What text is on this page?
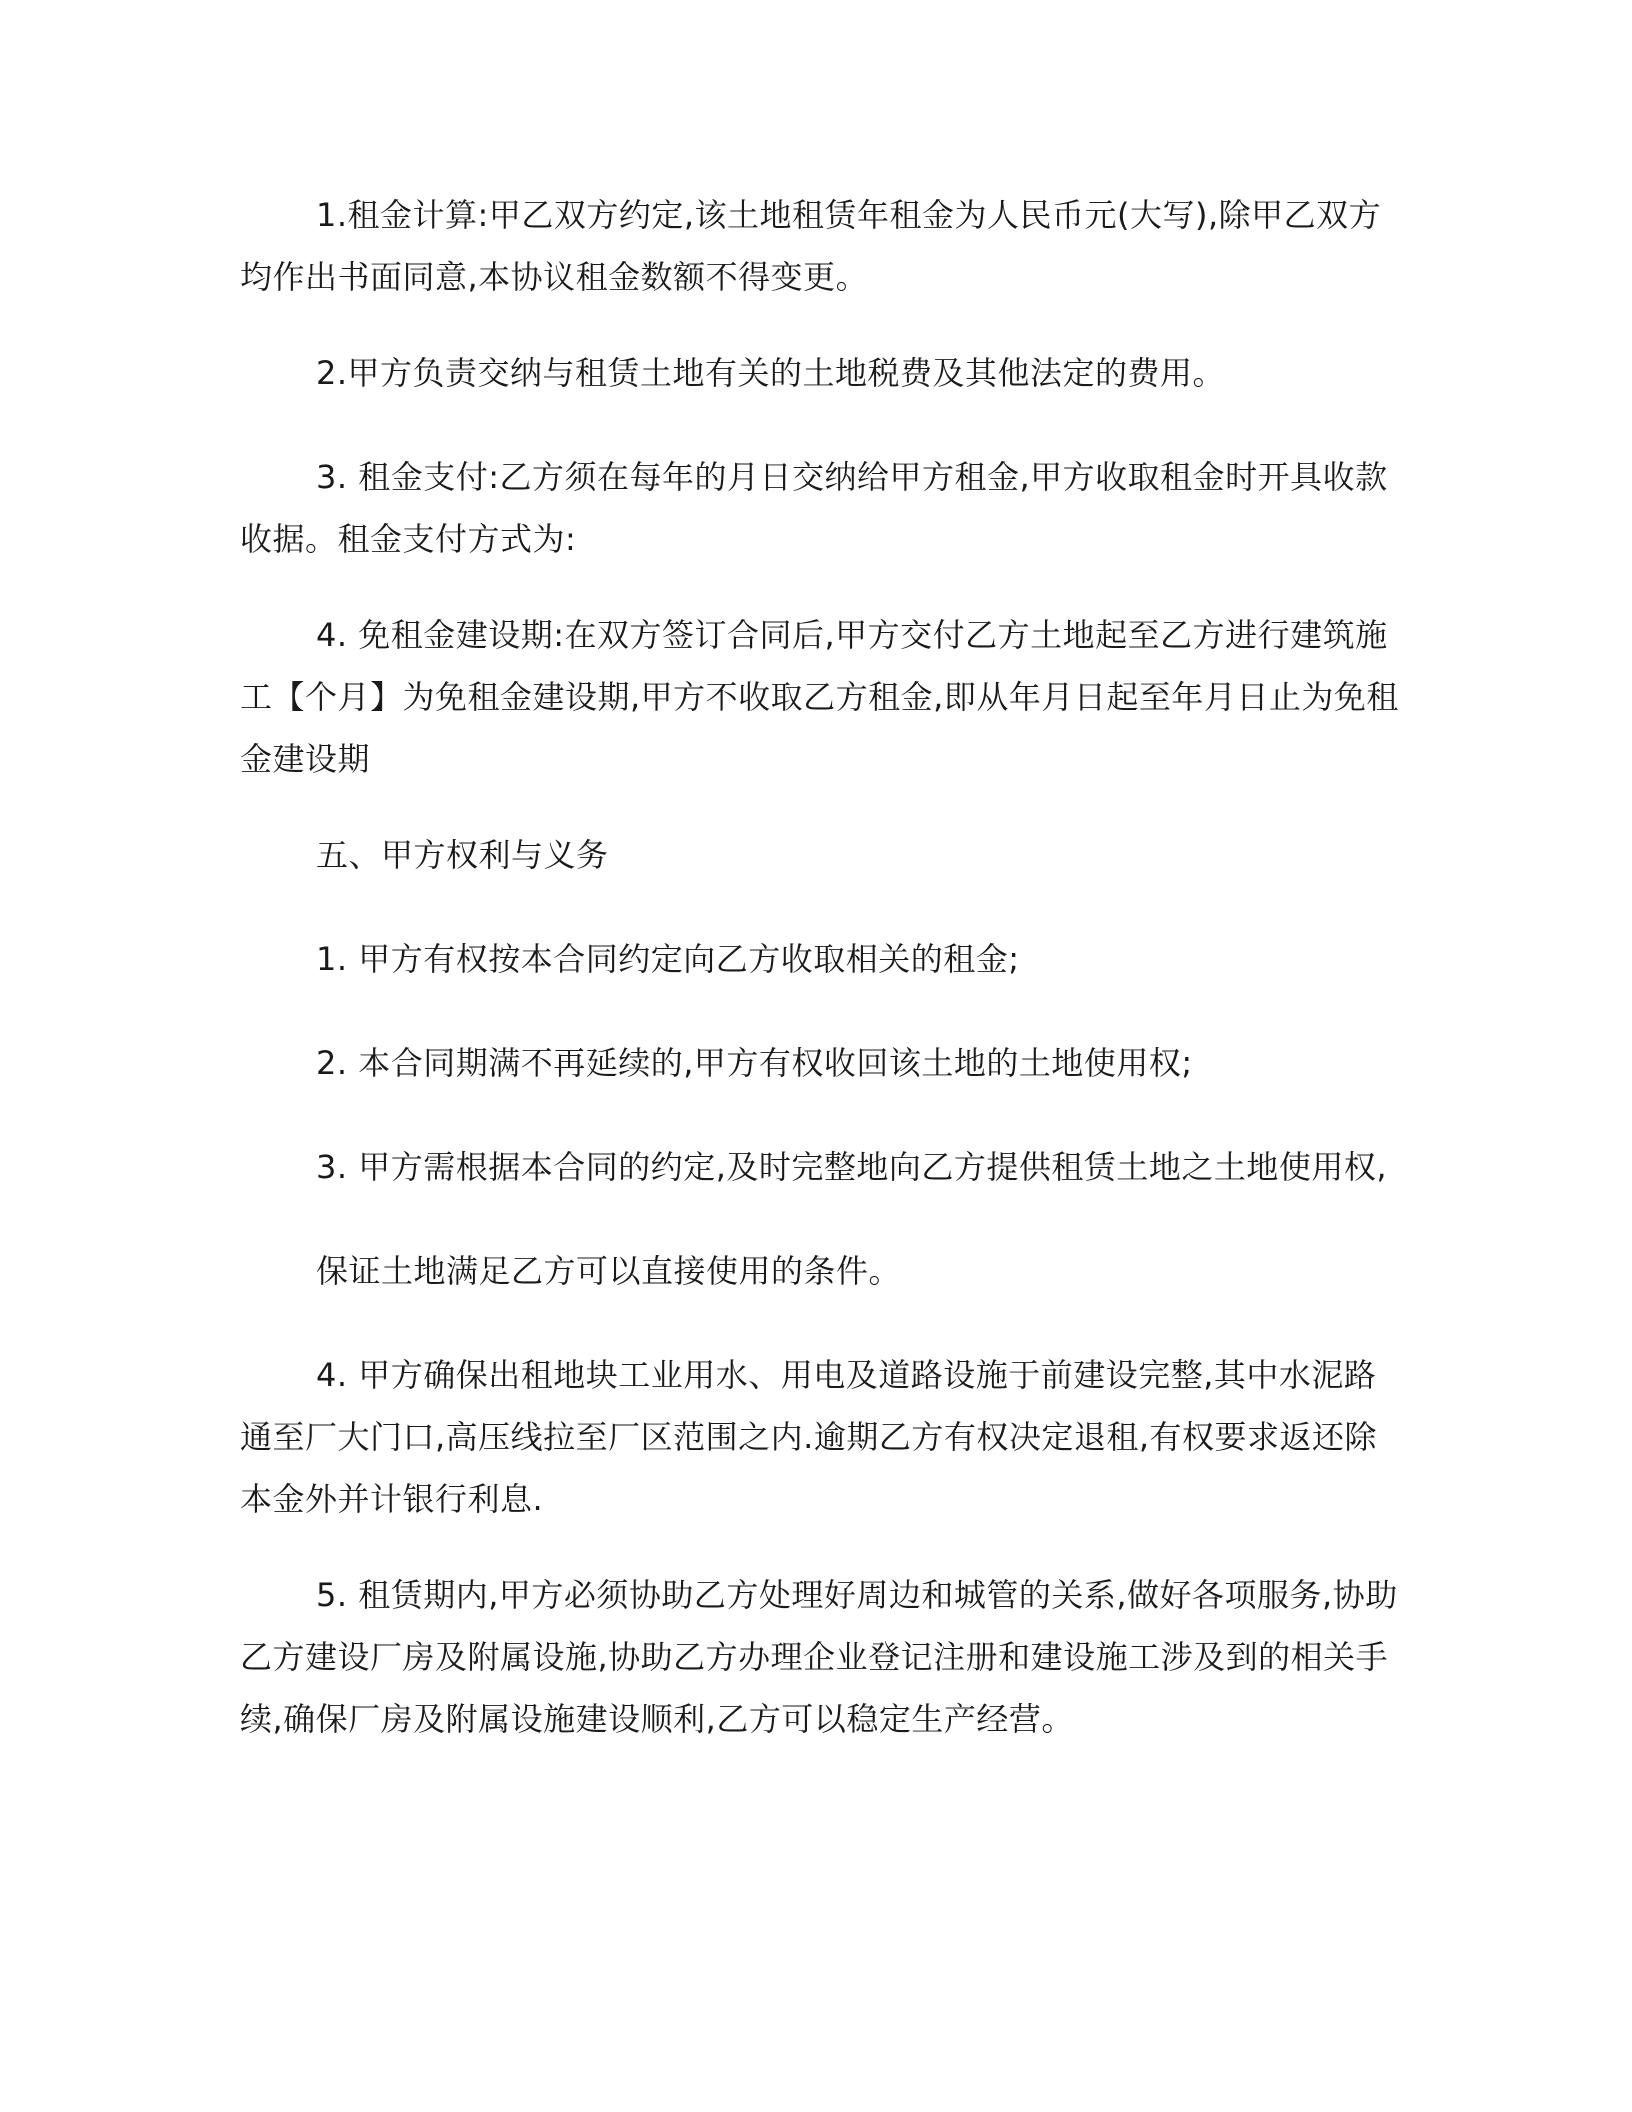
1.租金计算:甲乙双方约定,该土地租赁年租金为人民币元(大写),除甲乙双方均作出书面同意,本协议租金数额不得变更。

2.甲方负责交纳与租赁土地有关的土地税费及其他法定的费用。

3. 租金支付:乙方须在每年的月日交纳给甲方租金,甲方收取租金时开具收款收据。租金支付方式为:

4. 免租金建设期:在双方签订合同后,甲方交付乙方土地起至乙方进行建筑施工【个月】为免租金建设期,甲方不收取乙方租金,即从年月日起至年月日止为免租金建设期

五、甲方权利与义务

1. 甲方有权按本合同约定向乙方收取相关的租金;

2. 本合同期满不再延续的,甲方有权收回该土地的土地使用权;

3. 甲方需根据本合同的约定,及时完整地向乙方提供租赁土地之土地使用权,

保证土地满足乙方可以直接使用的条件。

4. 甲方确保出租地块工业用水、用电及道路设施于前建设完整,其中水泥路通至厂大门口,高压线拉至厂区范围之内.逾期乙方有权决定退租,有权要求返还除本金外并计银行利息.

5. 租赁期内,甲方必须协助乙方处理好周边和城管的关系,做好各项服务,协助乙方建设厂房及附属设施,协助乙方办理企业登记注册和建设施工涉及到的相关手续,确保厂房及附属设施建设顺利,乙方可以稳定生产经营。
